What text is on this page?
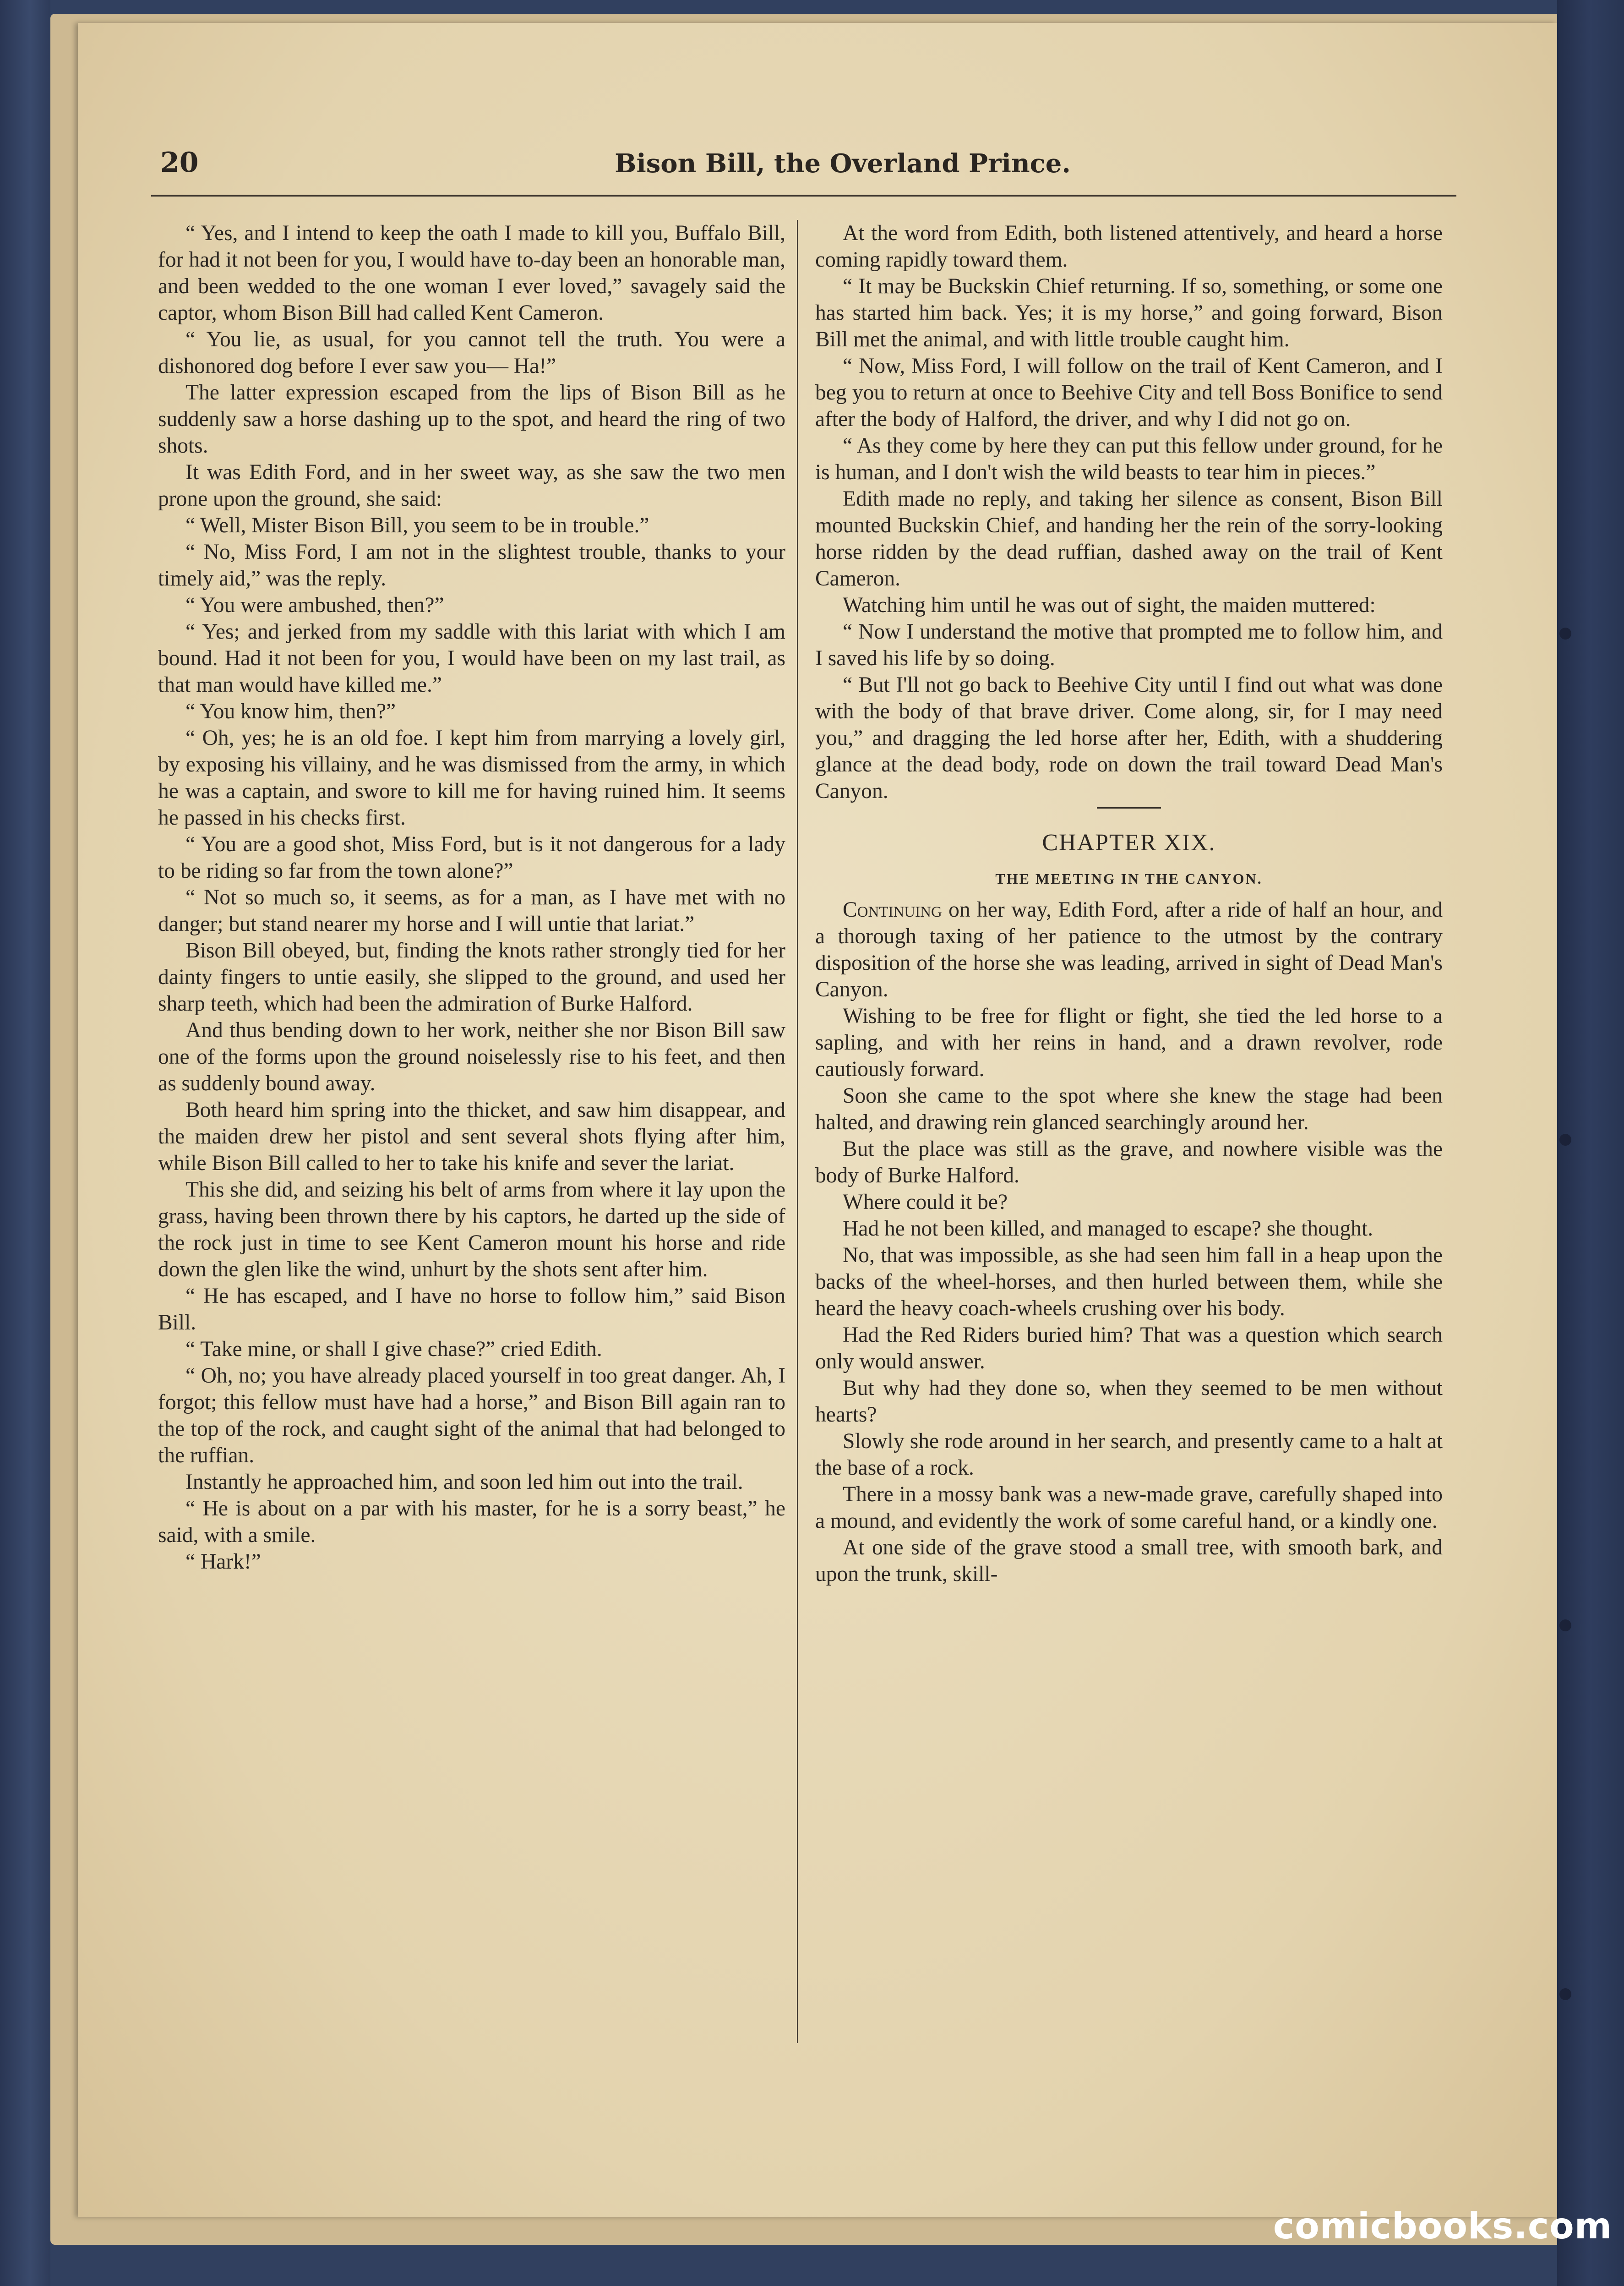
20	Bison Bill, the Overland Prince.

“ Yes, and I intend to keep the oath I made to kill you, Buffalo Bill, for had it not been for you, I would have to-day been an honorable man, and been wedded to the one woman I ever loved,” savagely said the captor, whom Bison Bill had called Kent Cameron.

“ You lie, as usual, for you cannot tell the truth. You were a dishonored dog before I ever saw you— Ha!”

The latter expression escaped from the lips of Bison Bill as he suddenly saw a horse dashing up to the spot, and heard the ring of two shots.

It was Edith Ford, and in her sweet way, as she saw the two men prone upon the ground, she said:

“ Well, Mister Bison Bill, you seem to be in trouble.”

“ No, Miss Ford, I am not in the slightest trouble, thanks to your timely aid,” was the reply.

“ You were ambushed, then?”

“ Yes; and jerked from my saddle with this lariat with which I am bound. Had it not been for you, I would have been on my last trail, as that man would have killed me.”

“ You know him, then?”

“ Oh, yes; he is an old foe. I kept him from marrying a lovely girl, by exposing his villainy, and he was dismissed from the army, in which he was a captain, and swore to kill me for having ruined him. It seems he passed in his checks first.

“ You are a good shot, Miss Ford, but is it not dangerous for a lady to be riding so far from the town alone?”

“ Not so much so, it seems, as for a man, as I have met with no danger; but stand nearer my horse and I will untie that lariat.”

Bison Bill obeyed, but, finding the knots rather strongly tied for her dainty fingers to untie easily, she slipped to the ground, and used her sharp teeth, which had been the admiration of Burke Halford.

And thus bending down to her work, neither she nor Bison Bill saw one of the forms upon the ground noiselessly rise to his feet, and then as suddenly bound away.

Both heard him spring into the thicket, and saw him disappear, and the maiden drew her pistol and sent several shots flying after him, while Bison Bill called to her to take his knife and sever the lariat.

This she did, and seizing his belt of arms from where it lay upon the grass, having been thrown there by his captors, he darted up the side of the rock just in time to see Kent Cameron mount his horse and ride down the glen like the wind, unhurt by the shots sent after him.

“ He has escaped, and I have no horse to follow him,” said Bison Bill.

“ Take mine, or shall I give chase?” cried Edith.

“ Oh, no; you have already placed yourself in too great danger. Ah, I forgot; this fellow must have had a horse,” and Bison Bill again ran to the top of the rock, and caught sight of the animal that had belonged to the ruffian.

Instantly he approached him, and soon led him out into the trail.

“ He is about on a par with his master, for he is a sorry beast,” he said, with a smile.

“ Hark!”

At the word from Edith, both listened attentively, and heard a horse coming rapidly toward them.

“ It may be Buckskin Chief returning. If so, something, or some one has started him back. Yes; it is my horse,” and going forward, Bison Bill met the animal, and with little trouble caught him.

“ Now, Miss Ford, I will follow on the trail of Kent Cameron, and I beg you to return at once to Beehive City and tell Boss Bonifice to send after the body of Halford, the driver, and why I did not go on.

“ As they come by here they can put this fellow under ground, for he is human, and I don't wish the wild beasts to tear him in pieces.”

Edith made no reply, and taking her silence as consent, Bison Bill mounted Buckskin Chief, and handing her the rein of the sorry-looking horse ridden by the dead ruffian, dashed away on the trail of Kent Cameron.

Watching him until he was out of sight, the maiden muttered:

“ Now I understand the motive that prompted me to follow him, and I saved his life by so doing.

“ But I'll not go back to Beehive City until I find out what was done with the body of that brave driver. Come along, sir, for I may need you,” and dragging the led horse after her, Edith, with a shuddering glance at the dead body, rode on down the trail toward Dead Man's Canyon.

CHAPTER XIX.
THE MEETING IN THE CANYON.

Continuing on her way, Edith Ford, after a ride of half an hour, and a thorough taxing of her patience to the utmost by the contrary disposition of the horse she was leading, arrived in sight of Dead Man's Canyon.

Wishing to be free for flight or fight, she tied the led horse to a sapling, and with her reins in hand, and a drawn revolver, rode cautiously forward.

Soon she came to the spot where she knew the stage had been halted, and drawing rein glanced searchingly around her.

But the place was still as the grave, and nowhere visible was the body of Burke Halford.

Where could it be?

Had he not been killed, and managed to escape? she thought.

No, that was impossible, as she had seen him fall in a heap upon the backs of the wheel-horses, and then hurled between them, while she heard the heavy coach-wheels crushing over his body.

Had the Red Riders buried him? That was a question which search only would answer.

But why had they done so, when they seemed to be men without hearts?

Slowly she rode around in her search, and presently came to a halt at the base of a rock.

There in a mossy bank was a new-made grave, carefully shaped into a mound, and evidently the work of some careful hand, or a kindly one.

At one side of the grave stood a small tree, with smooth bark, and upon the trunk, skill-

comicbooks.com
